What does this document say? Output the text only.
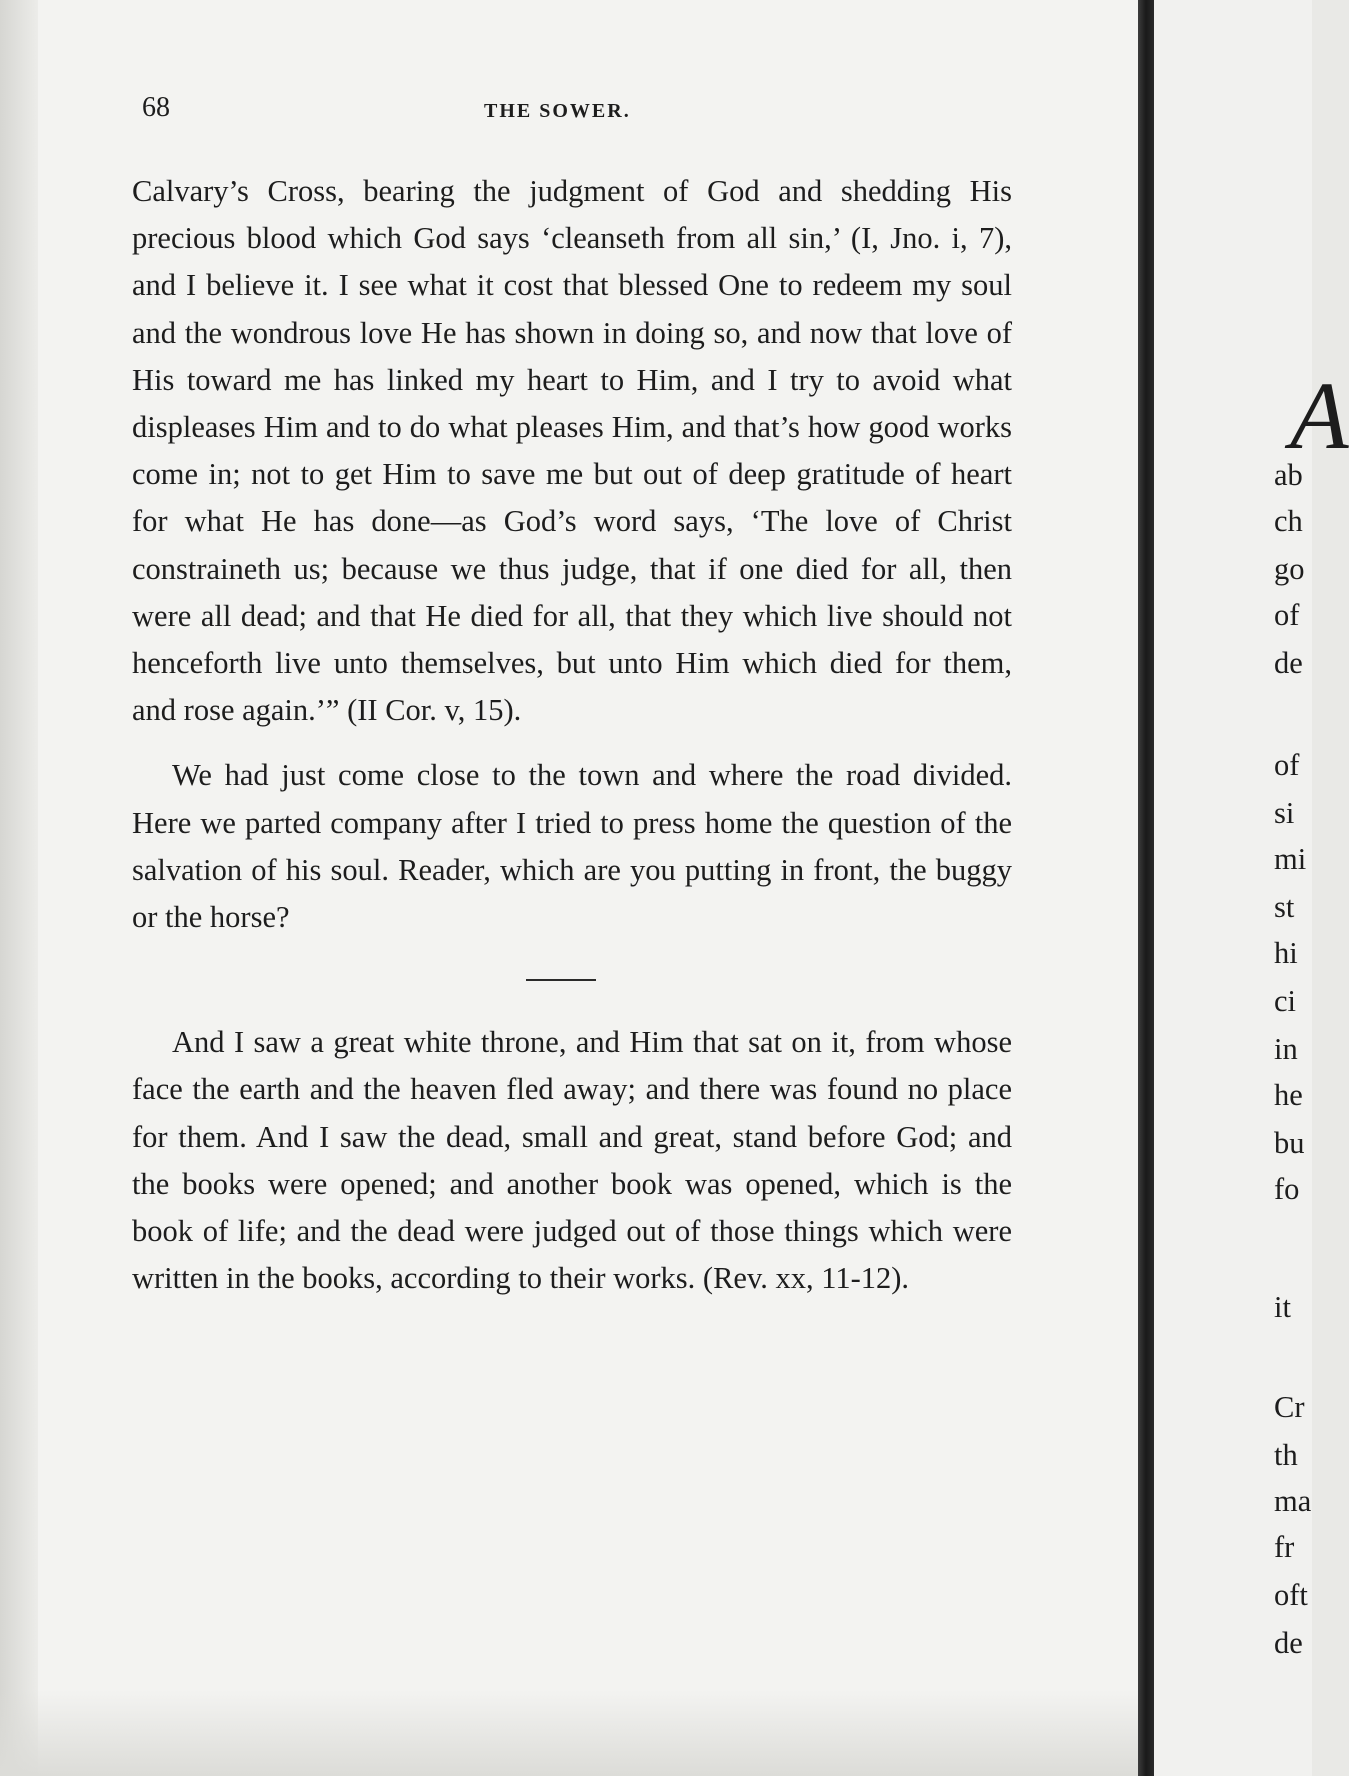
68	THE SOWER.

Calvary’s Cross, bearing the judgment of God and shedding His precious blood which God says ‘cleanseth from all sin,’ (I, Jno. i, 7), and I believe it. I see what it cost that blessed One to redeem my soul and the wondrous love He has shown in doing so, and now that love of His toward me has linked my heart to Him, and I try to avoid what displeases Him and to do what pleases Him, and that’s how good works come in; not to get Him to save me but out of deep gratitude of heart for what He has done—as God’s word says, ‘The love of Christ constraineth us; because we thus judge, that if one died for all, then were all dead; and that He died for all, that they which live should not henceforth live unto themselves, but unto Him which died for them, and rose again.’” (II Cor. v, 15).

We had just come close to the town and where the road divided. Here we parted company after I tried to press home the question of the salvation of his soul. Reader, which are you putting in front, the buggy or the horse?

And I saw a great white throne, and Him that sat on it, from whose face the earth and the heaven fled away; and there was found no place for them. And I saw the dead, small and great, stand before God; and the books were opened; and another book was opened, which is the book of life; and the dead were judged out of those things which were written in the books, according to their works. (Rev. xx, 11-12).

A
ab
ch
go
of
de
of
si
mi
st
hi
ci
in
he
bu
fo
it
Cr
th
ma
fr
oft
de
